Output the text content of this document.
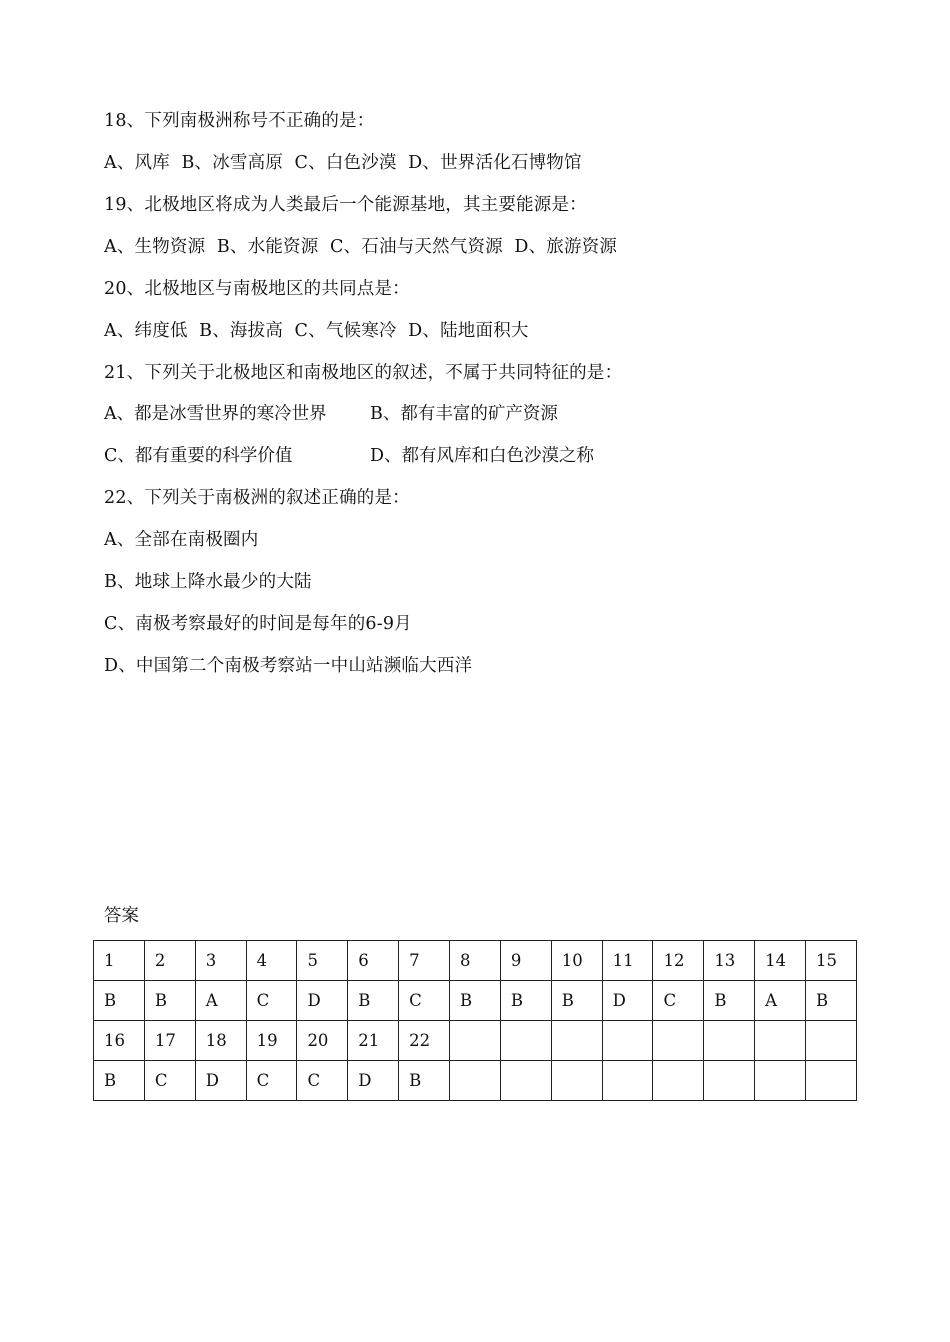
18、下列南极洲称号不正确的是：
A、风库  B、冰雪高原  C、白色沙漠  D、世界活化石博物馆
19、北极地区将成为人类最后一个能源基地，其主要能源是：
A、生物资源  B、水能资源  C、石油与天然气资源  D、旅游资源
20、北极地区与南极地区的共同点是：
A、纬度低  B、海拔高  C、气候寒冷  D、陆地面积大
21、下列关于北极地区和南极地区的叙述，不属于共同特征的是：

A、都是冰雪世界的寒冷世界

B、都有丰富的矿产资源

C、都有重要的科学价值

	D、都有风库和白色沙漠之称

22、下列关于南极洲的叙述正确的是：
A、全部在南极圈内
B、地球上降水最少的大陆
C、南极考察最好的时间是每年的6-9月
D、中国第二个南极考察站一中山站濒临大西洋
答案
1	2	3	4	5	6	7	8	9	10	11	12	13	14	15
B	B	A	C	D	B	C	B	B	B	D	C	B	A	B
16	17	18	19	20	21	22								
B	C	D	C	C	D	B								
